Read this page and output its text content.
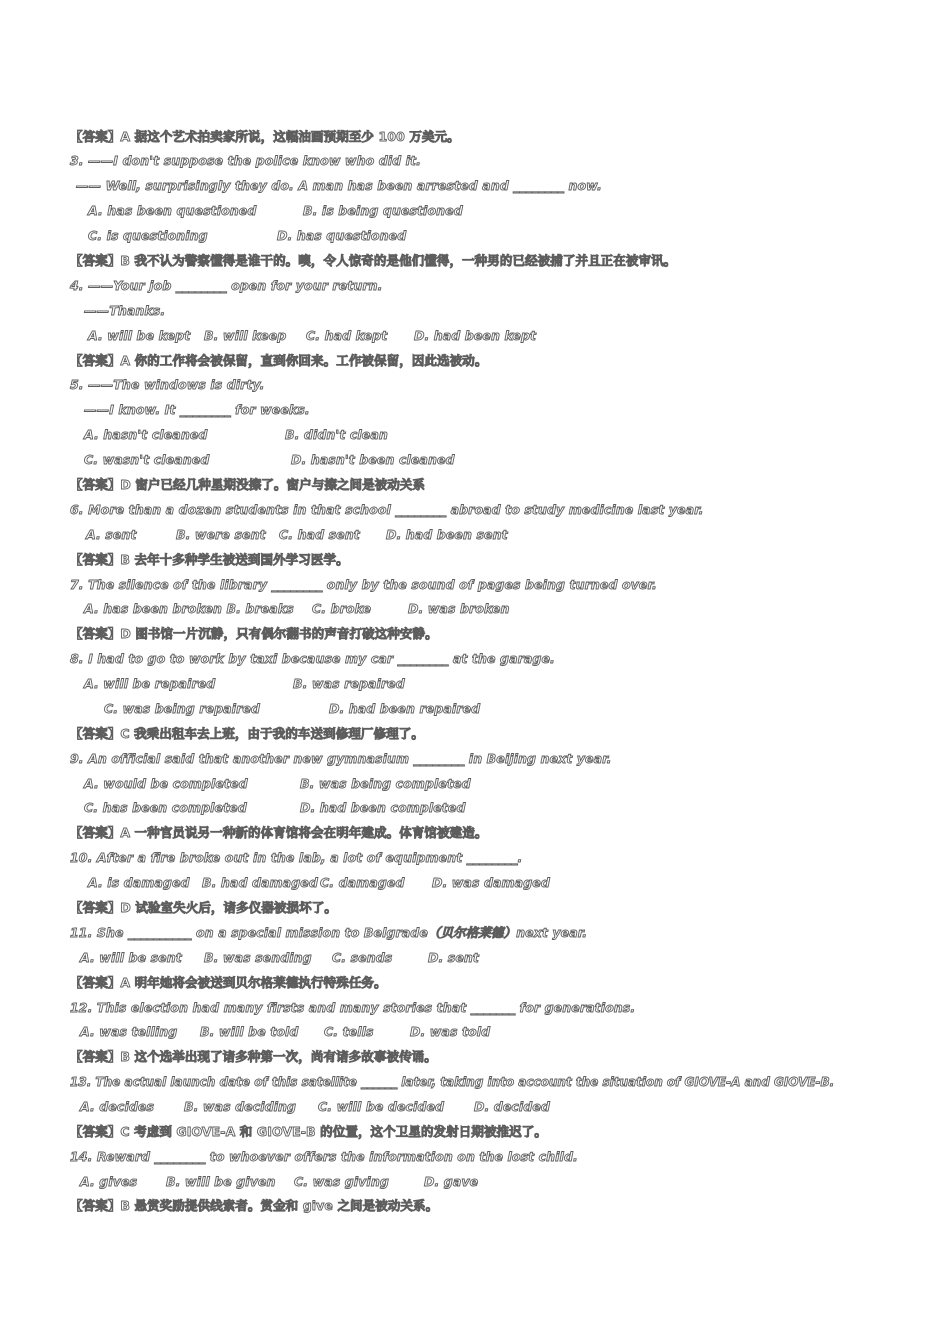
【答案】A 据这个艺术拍卖家所说，这幅油画预期至少 100 万美元。
3. ——I don't suppose the police know who did it.
—— Well, surprisingly they do. A man has been arrested and ________ now.
A. has been questioned	B. is being questioned
C. is questioning	D. has questioned
【答案】B 我不认为警察懂得是谁干的。噢，令人惊奇的是他们懂得，一种男的已经被捕了并且正在被审讯。
4. ——Your job ________ open for your return.
——Thanks.
A. will be kept B. will keep C. had kept D. had been kept
【答案】A 你的工作将会被保留，直到你回来。工作被保留，因此选被动。
5. ——The windows is dirty.
——I know. It ________ for weeks.
A. hasn't cleaned	B. didn't clean
C. wasn't cleaned	D. hasn't been cleaned
【答案】D 窗户已经几种星期没擦了。窗户与擦之间是被动关系
6. More than a dozen students in that school ________ abroad to study medicine last year.
A. sent	B. were sent C. had sent D. had been sent
【答案】B 去年十多种学生被送到国外学习医学。
7. The silence of the library ________ only by the sound of pages being turned over.
A. has been broken B. breaks C. broke	D. was broken
【答案】D 图书馆一片沉静，只有偶尔翻书的声音打破这种安静。
8. I had to go to work by taxi because my car ________ at the garage.
A. will be repaired	B. was repaired
C. was being repaired	D. had been repaired
【答案】C 我乘出租车去上班，由于我的车送到修理厂修理了。
9. An official said that another new gymnasium ________ in Beijing next year.
A. would be completed	B. was being completed
C. has been completed	D. had been completed
【答案】A 一种官员说另一种新的体育馆将会在明年建成。体育馆被建造。
10. After a fire broke out in the lab, a lot of equipment ________.
A. is damaged B. had damaged C. damaged D. was damaged
【答案】D 试验室失火后，诸多仪器被损坏了。
11. She __________ on a special mission to Belgrade（贝尔格莱德）next year.
A. will be sent B. was sending C. sends	D. sent
【答案】A 明年她将会被送到贝尔格莱德执行特殊任务。
12. This election had many firsts and many stories that _______ for generations.
A. was telling B. will be told C. tells	D. was told
【答案】B 这个选举出现了诸多种第一次，尚有诸多故事被传诵。
13. The actual launch date of this satellite ______ later, taking into account the situation of GIOVE-A and GIOVE-B.
A. decides B. was deciding C. will be decided D. decided
【答案】C 考虑到 GIOVE-A 和 GIOVE-B 的位置，这个卫星的发射日期被推迟了。
14. Reward ________ to whoever offers the information on the lost child.
A. gives B. will be given C. was giving	D. gave
【答案】B 悬赏奖励提供线索者。赏金和 give 之间是被动关系。
